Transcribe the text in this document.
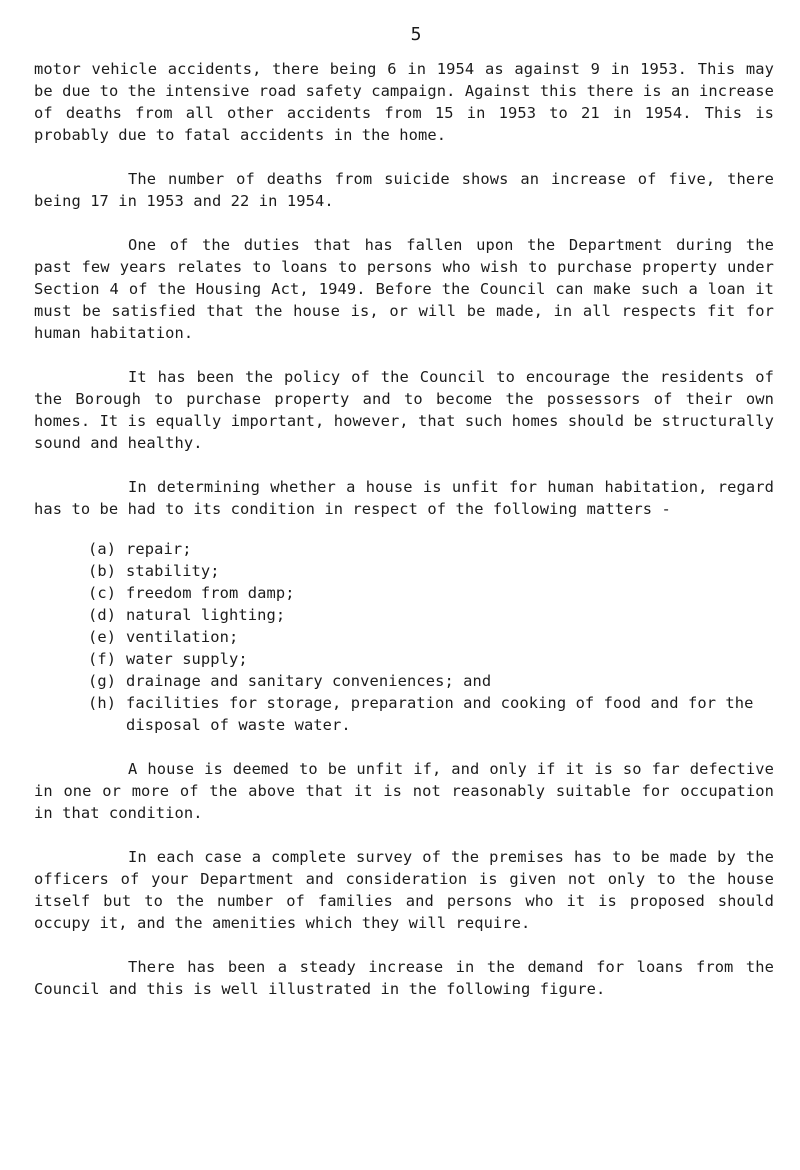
5

motor vehicle accidents, there being 6 in 1954 as against 9 in 1953. This may be due to the intensive road safety campaign. Against this there is an increase of deaths from all other accidents from 15 in 1953 to 21 in 1954. This is probably due to fatal accidents in the home.

The number of deaths from suicide shows an increase of five, there being 17 in 1953 and 22 in 1954.

One of the duties that has fallen upon the Department during the past few years relates to loans to persons who wish to purchase property under Section 4 of the Housing Act, 1949. Before the Council can make such a loan it must be satisfied that the house is, or will be made, in all respects fit for human habitation.

It has been the policy of the Council to encourage the residents of the Borough to purchase property and to become the possessors of their own homes. It is equally important, however, that such homes should be structurally sound and healthy.

In determining whether a house is unfit for human habitation, regard has to be had to its condition in respect of the following matters -

(a) repair;
(b) stability;
(c) freedom from damp;
(d) natural lighting;
(e) ventilation;
(f) water supply;
(g) drainage and sanitary conveniences; and
(h) facilities for storage, preparation and cooking of food and for the disposal of waste water.

A house is deemed to be unfit if, and only if it is so far defective in one or more of the above that it is not reasonably suitable for occupation in that condition.

In each case a complete survey of the premises has to be made by the officers of your Department and consideration is given not only to the house itself but to the number of families and persons who it is proposed should occupy it, and the amenities which they will require.

There has been a steady increase in the demand for loans from the Council and this is well illustrated in the following figure.
